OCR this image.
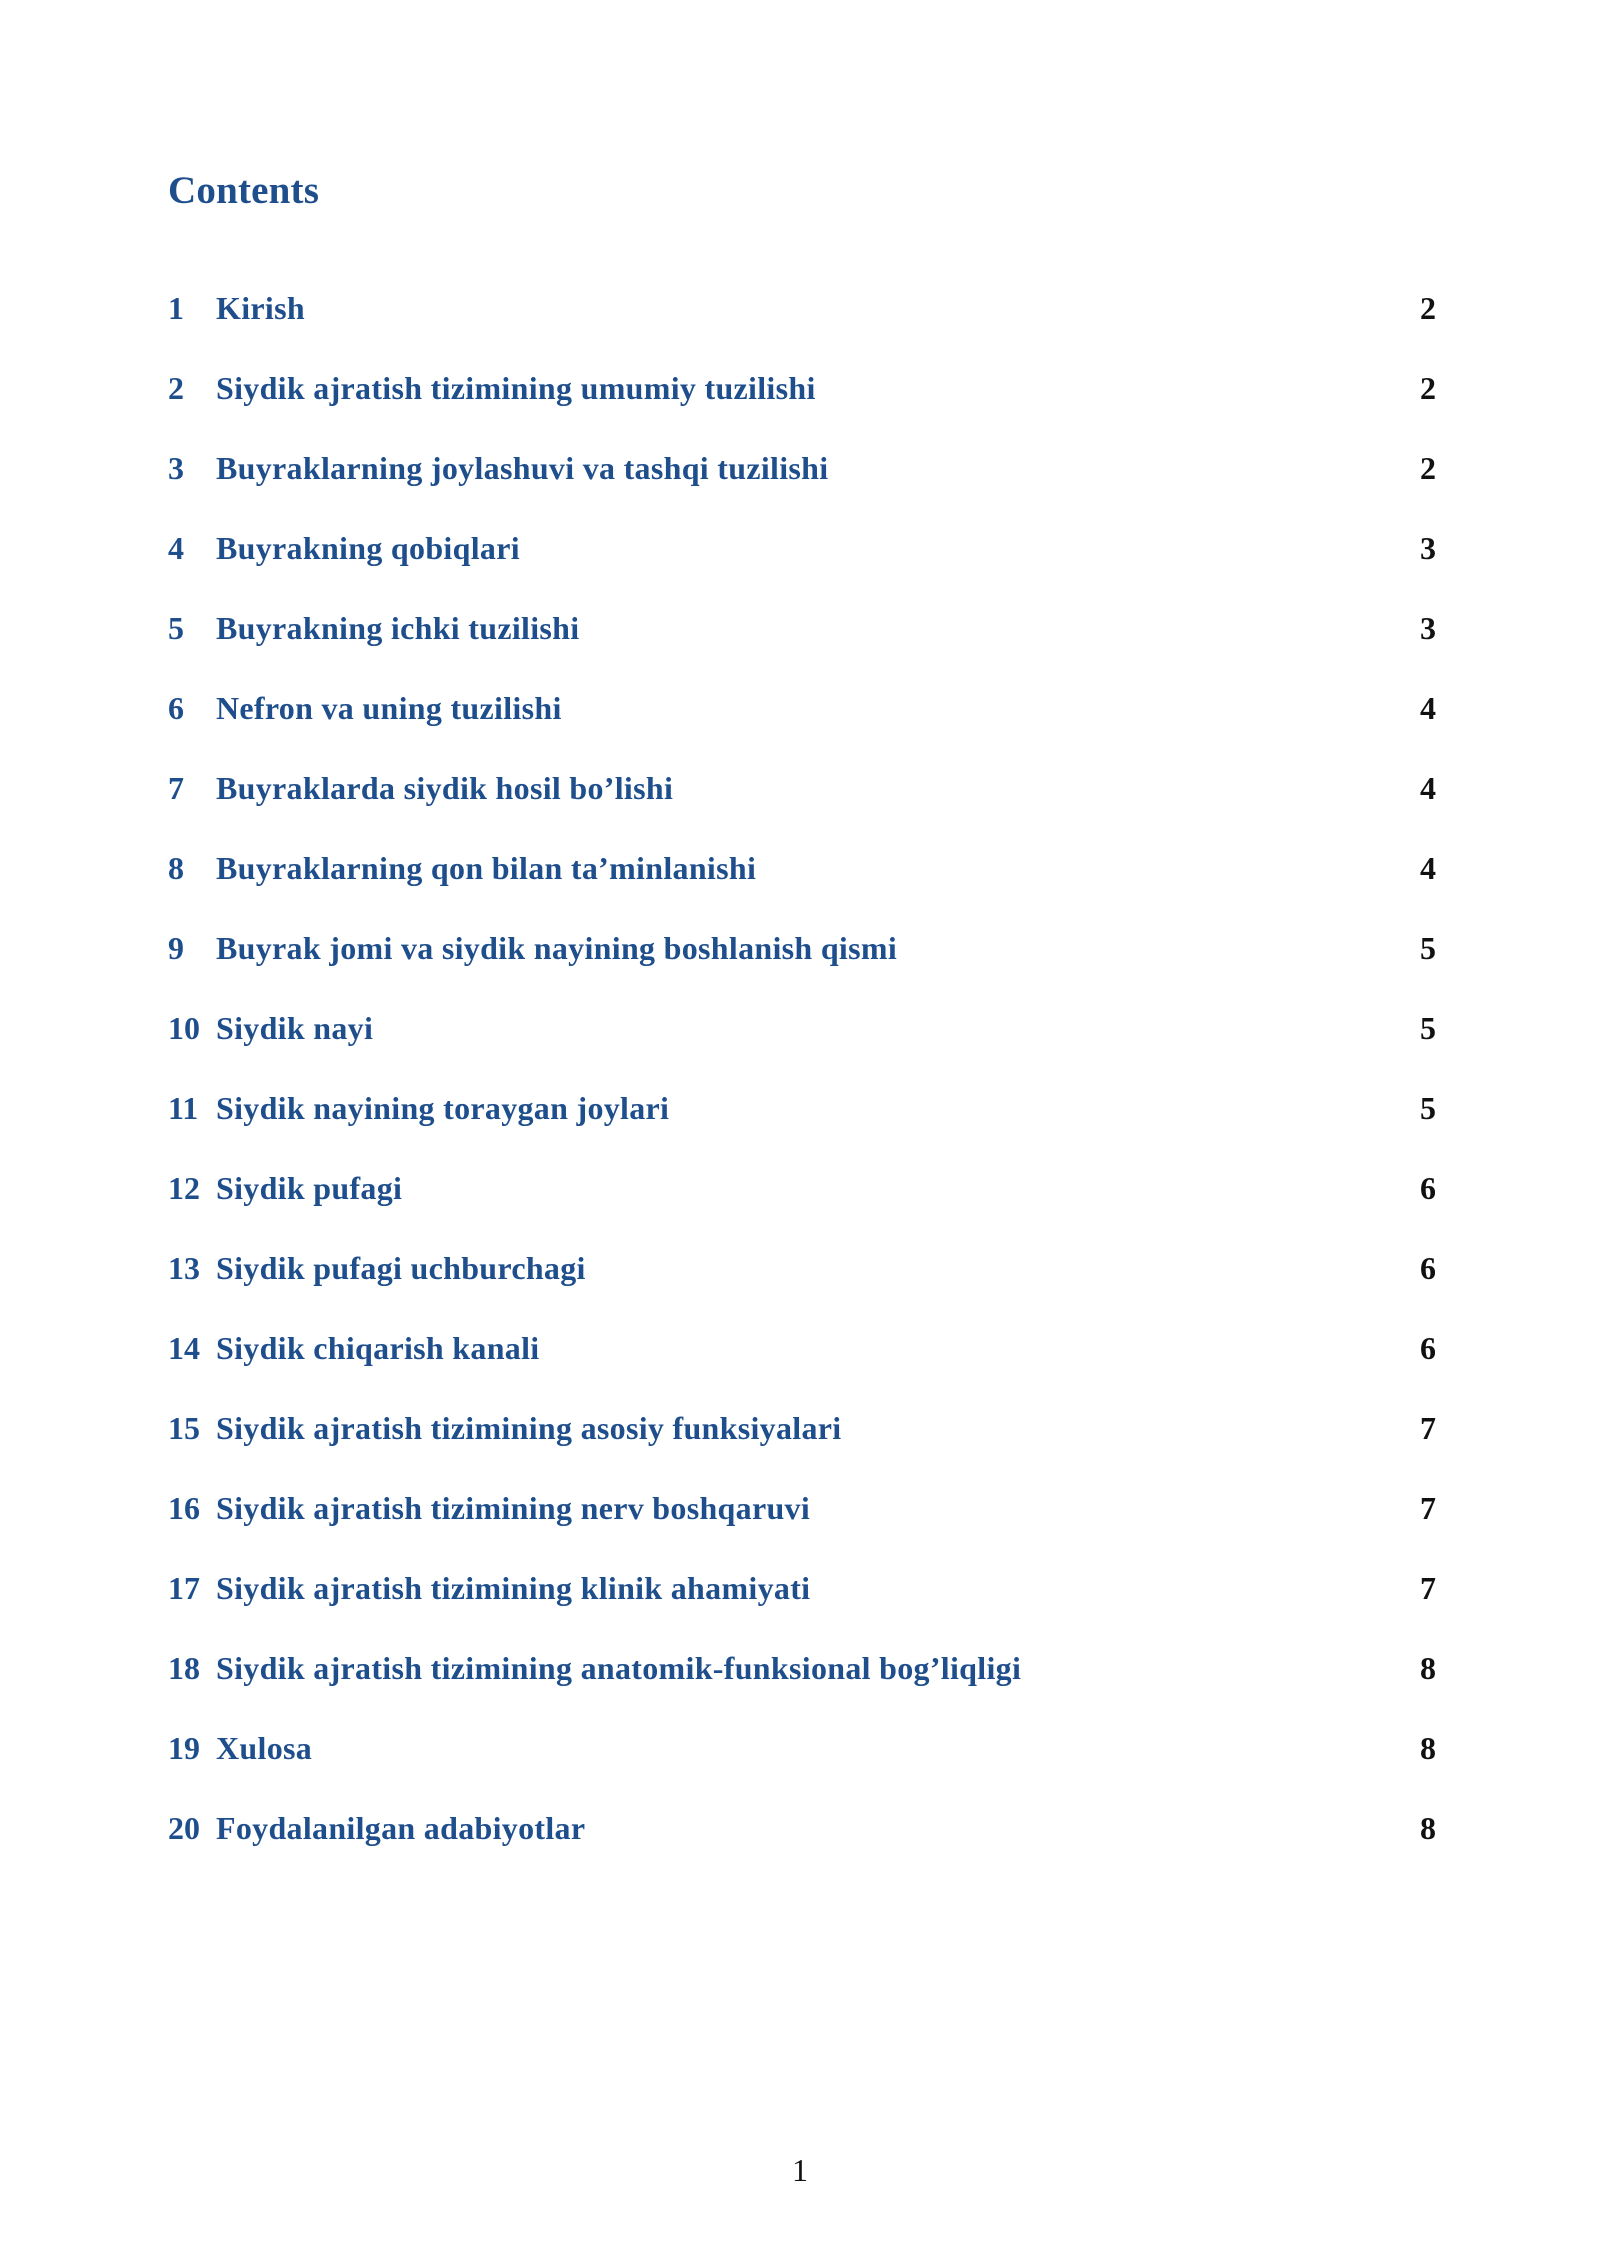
Contents
1	Kirish	2
2	Siydik ajratish tizimining umumiy tuzilishi	2
3	Buyraklarning joylashuvi va tashqi tuzilishi	2
4	Buyrakning qobiqlari	3
5	Buyrakning ichki tuzilishi	3
6	Nefron va uning tuzilishi	4
7	Buyraklarda siydik hosil bo’lishi	4
8	Buyraklarning qon bilan ta’minlanishi	4
9	Buyrak jomi va siydik nayining boshlanish qismi	5
10 Siydik nayi	5
11 Siydik nayining toraygan joylari	5
12 Siydik pufagi	6
13 Siydik pufagi uchburchagi	6
14 Siydik chiqarish kanali	6
15 Siydik ajratish tizimining asosiy funksiyalari	7
16 Siydik ajratish tizimining nerv boshqaruvi	7
17 Siydik ajratish tizimining klinik ahamiyati	7
18 Siydik ajratish tizimining anatomik-funksional bog’liqligi	8
19 Xulosa	8
20 Foydalanilgan adabiyotlar	8
1
